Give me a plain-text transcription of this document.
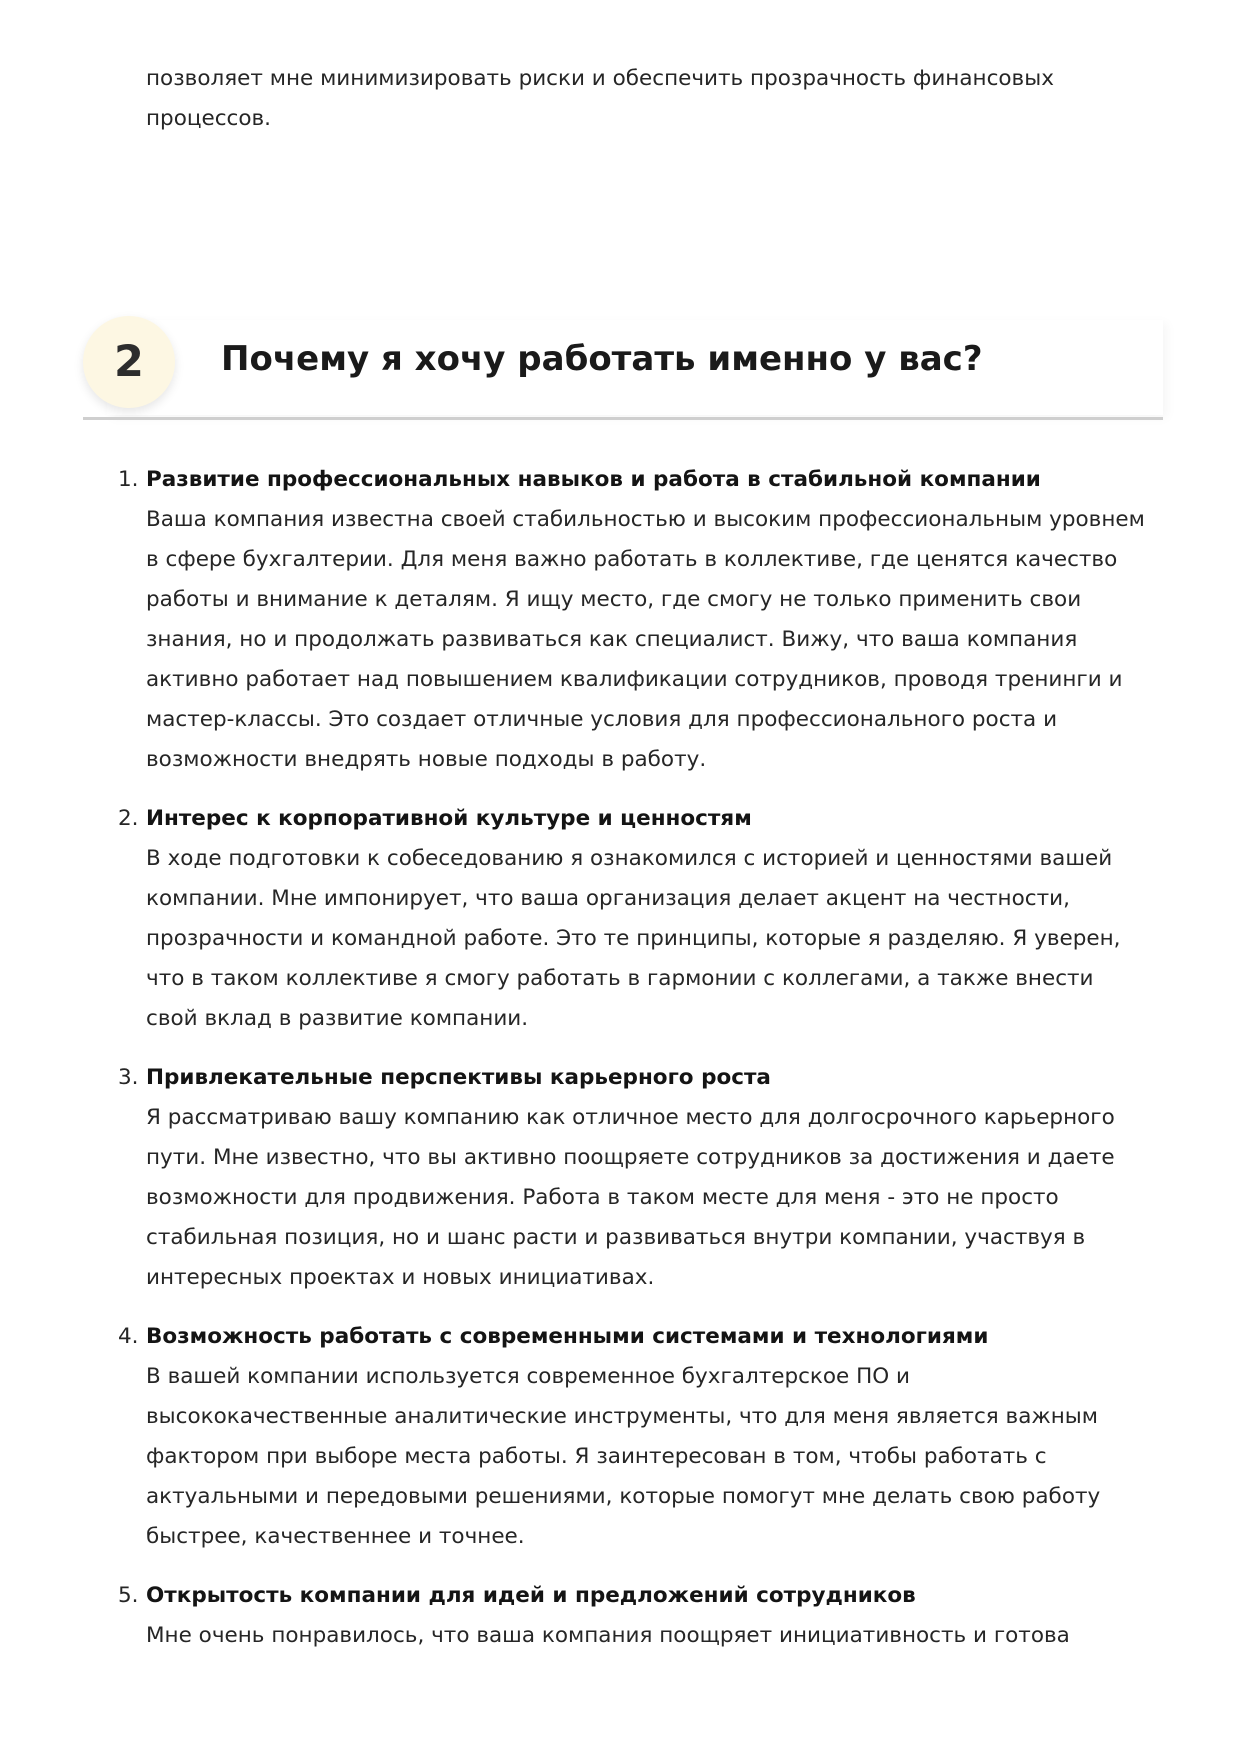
позволяет мне минимизировать риски и обеспечить прозрачность финансовых процессов.

2	Почему я хочу работать именно у вас?
1. Развитие профессиональных навыков и работа в стабильной компании

Ваша компания известна своей стабильностью и высоким профессиональным уровнем в сфере бухгалтерии. Для меня важно работать в коллективе, где ценятся качество работы и внимание к деталям. Я ищу место, где смогу не только применить свои знания, но и продолжать развиваться как специалист. Вижу, что ваша компания активно работает над повышением квалификации сотрудников, проводя тренинги и мастер-классы. Это создает отличные условия для профессионального роста и возможности внедрять новые подходы в работу.

2. Интерес к корпоративной культуре и ценностям

В ходе подготовки к собеседованию я ознакомился с историей и ценностями вашей компании. Мне импонирует, что ваша организация делает акцент на честности, прозрачности и командной работе. Это те принципы, которые я разделяю. Я уверен, что в таком коллективе я смогу работать в гармонии с коллегами, а также внести свой вклад в развитие компании.

3. Привлекательные перспективы карьерного роста

Я рассматриваю вашу компанию как отличное место для долгосрочного карьерного пути. Мне известно, что вы активно поощряете сотрудников за достижения и даете возможности для продвижения. Работа в таком месте для меня - это не просто стабильная позиция, но и шанс расти и развиваться внутри компании, участвуя в интересных проектах и новых инициативах.

4. Возможность работать с современными системами и технологиями

В вашей компании используется современное бухгалтерское ПО и высококачественные аналитические инструменты, что для меня является важным фактором при выборе места работы. Я заинтересован в том, чтобы работать с актуальными и передовыми решениями, которые помогут мне делать свою работу быстрее, качественнее и точнее.

5. Открытость компании для идей и предложений сотрудников

Мне очень понравилось, что ваша компания поощряет инициативность и готова
